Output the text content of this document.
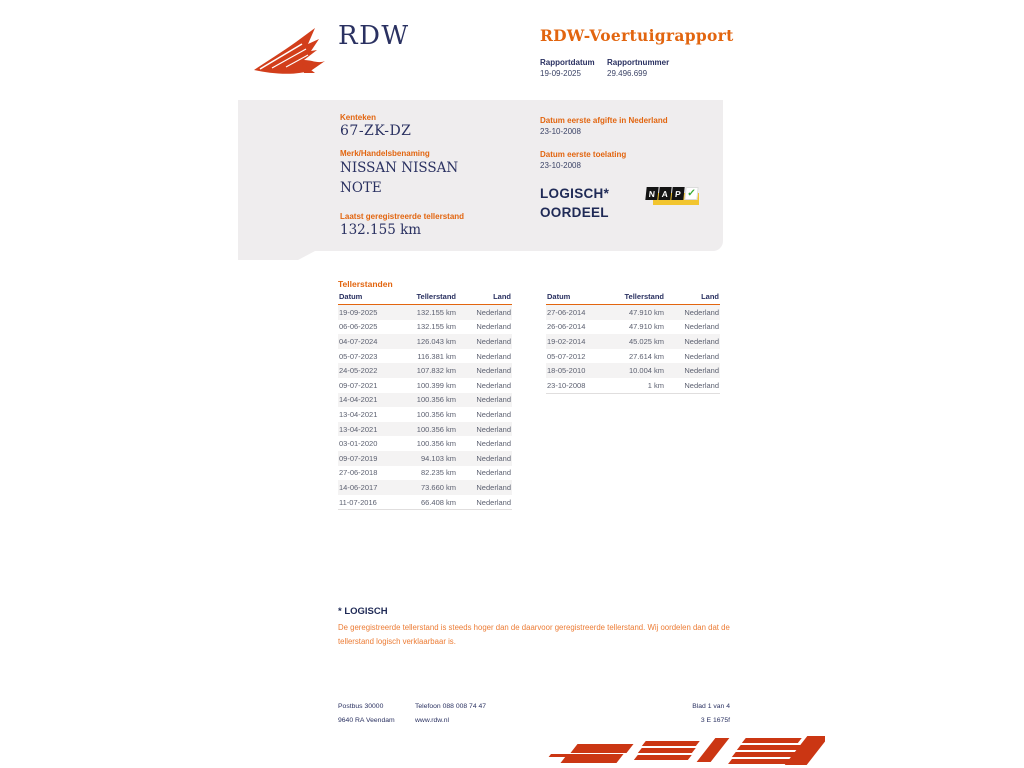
RDW	RDW-Voertuigrapport
Rapportdatum Rapportnummer
19-09-2025	29.496.699
Kenteken
67-ZK-DZ
Merk/Handelsbenaming
NISSAN NISSAN NOTE
Laatst geregistreerde tellerstand
132.155 km
Datum eerste afgifte in Nederland
23-10-2008
Datum eerste toelating
23-10-2008
LOGISCH*
OORDEEL
N A P ✓
Tellerstanden
Datum	Tellerstand	Land
19-09-2025	132.155 km	Nederland
06-06-2025	132.155 km	Nederland
04-07-2024	126.043 km	Nederland
05-07-2023	116.381 km	Nederland
24-05-2022	107.832 km	Nederland
09-07-2021	100.399 km	Nederland
14-04-2021	100.356 km	Nederland
13-04-2021	100.356 km	Nederland
13-04-2021	100.356 km	Nederland
03-01-2020	100.356 km	Nederland
09-07-2019	94.103 km	Nederland
27-06-2018	82.235 km	Nederland
14-06-2017	73.660 km	Nederland
11-07-2016	66.408 km	Nederland
Datum	Tellerstand	Land
27-06-2014	47.910 km	Nederland
26-06-2014	47.910 km	Nederland
19-02-2014	45.025 km	Nederland
05-07-2012	27.614 km	Nederland
18-05-2010	10.004 km	Nederland
23-10-2008	1 km	Nederland
* LOGISCH
De geregistreerde tellerstand is steeds hoger dan de daarvoor geregistreerde tellerstand. Wij oordelen dan dat de tellerstand logisch verklaarbaar is.
Postbus 30000
9640 RA Veendam
Telefoon 088 008 74 47
www.rdw.nl
Blad 1 van 4
3 E 1675f
